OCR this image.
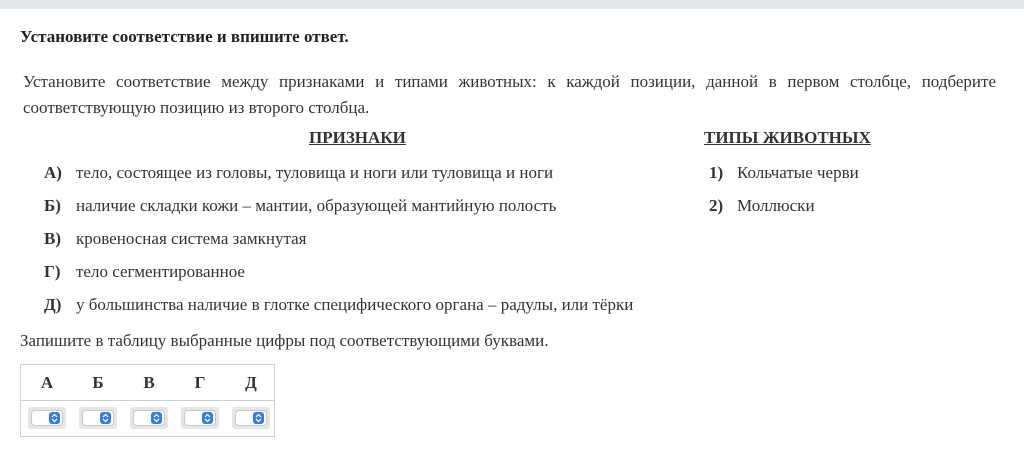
Установите соответствие и впишите ответ.
Установите соответствие между признаками и типами животных: к каждой позиции, данной в первом столбце, подберите соответствующую позицию из второго столбца.
ПРИЗНАКИ	ТИПЫ ЖИВОТНЫХ
А) тело, состоящее из головы, туловища и ноги или туловища и ноги
Б) наличие складки кожи – мантии, образующей мантийную полость
В) кровеносная система замкнутая
Г) тело сегментированное
Д) у большинства наличие в глотке специфического органа – радулы, или тёрки
1) Кольчатые черви
2) Моллюски
Запишите в таблицу выбранные цифры под соответствующими буквами.
А	Б	В	Г	Д
